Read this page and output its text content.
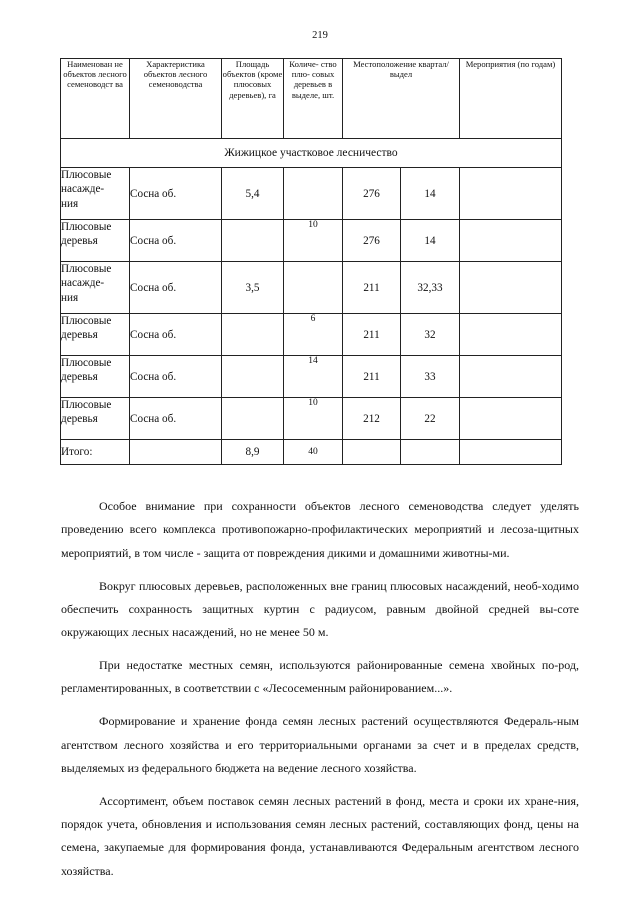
219
Наименован не объектов лесного семеноводст ва	Характеристика объектов лесного семеноводства	Площадь объектов (кроме плюсовых деревьев), га	Количе- ство плю- совых деревьев в выделе, шт.	Местоположение квартал/выдел		Мероприятия (по годам)
Жижицкое участковое лесничество						

Плюсовые
насажде-
ния	Сосна об.	5,4		276	14	

Плюсовые
деревья	Сосна об.		10	276	14	

Плюсовые
насажде-
ния	Сосна об.	3,5		211	32,33	

Плюсовые
деревья	Сосна об.		6	211	32	

Плюсовые
деревья	Сосна об.		14	211	33	

Плюсовые
деревья	Сосна об.		10	212	22	
Итого:		8,9	40			

Особое внимание при сохранности объектов лесного семеноводства следует уделять проведению всего комплекса противопожарно-профилактических мероприятий и лесоза-щитных мероприятий, в том числе - защита от повреждения дикими и домашними животны-ми.

Вокруг плюсовых деревьев, расположенных вне границ плюсовых насаждений, необ-ходимо обеспечить сохранность защитных куртин с радиусом, равным двойной средней вы-соте окружающих лесных насаждений, но не менее 50 м.

При недостатке местных семян, используются районированные семена хвойных по-род, регламентированных, в соответствии с «Лесосеменным районированием...».

Формирование и хранение фонда семян лесных растений осуществляются Федераль-ным агентством лесного хозяйства и его территориальными органами за счет и в пределах средств, выделяемых из федерального бюджета на ведение лесного хозяйства.

Ассортимент, объем поставок семян лесных растений в фонд, места и сроки их хране-ния, порядок учета, обновления и использования семян лесных растений, составляющих фонд, цены на семена, закупаемые для формирования фонда, устанавливаются Федеральным агентством лесного хозяйства.
